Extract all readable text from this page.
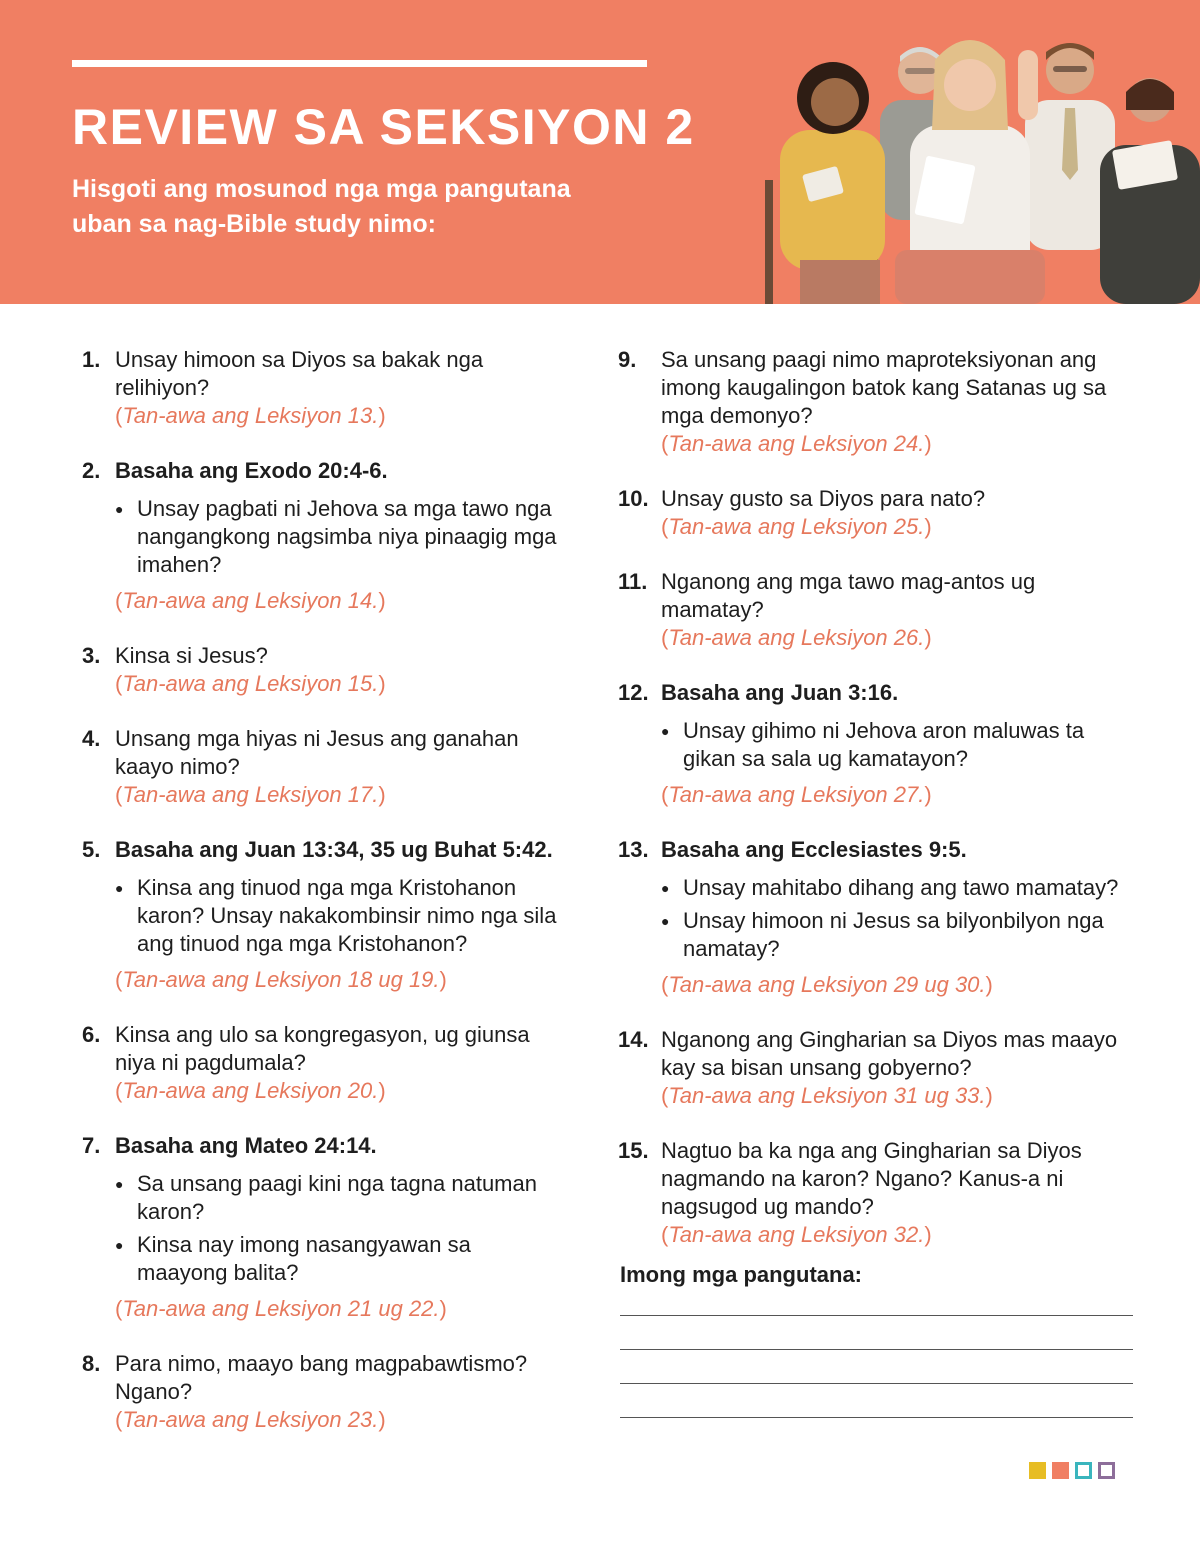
REVIEW SA SEKSIYON 2

Hisgoti ang mosunod nga mga pangutana uban sa nag-Bible study nimo:

1. Unsay himoon sa Diyos sa bakak nga relihiyon?
(Tan-awa ang Leksiyon 13.)
2. Basaha ang Exodo 20:4-6.
● Unsay pagbati ni Jehova sa mga tawo nga nangangkong nagsimba niya pinaagig mga imahen?
(Tan-awa ang Leksiyon 14.)
3. Kinsa si Jesus?
(Tan-awa ang Leksiyon 15.)
4. Unsang mga hiyas ni Jesus ang ganahan kaayo nimo?
(Tan-awa ang Leksiyon 17.)
5. Basaha ang Juan 13:34, 35 ug Buhat 5:42.
● Kinsa ang tinuod nga mga Kristohanon karon? Unsay nakakombinsir nimo nga sila ang tinuod nga mga Kristohanon?
(Tan-awa ang Leksiyon 18 ug 19.)
6. Kinsa ang ulo sa kongregasyon, ug giunsa niya ni pagdumala?
(Tan-awa ang Leksiyon 20.)
7. Basaha ang Mateo 24:14.
● Sa unsang paagi kini nga tagna natuman karon?
● Kinsa nay imong nasangyawan sa maayong balita?
(Tan-awa ang Leksiyon 21 ug 22.)
8. Para nimo, maayo bang magpabawtismo? Ngano?
(Tan-awa ang Leksiyon 23.)
9. Sa unsang paagi nimo maproteksiyonan ang imong kaugalingon batok kang Satanas ug sa mga demonyo?
(Tan-awa ang Leksiyon 24.)
10. Unsay gusto sa Diyos para nato?
(Tan-awa ang Leksiyon 25.)
11. Nganong ang mga tawo mag-antos ug mamatay?
(Tan-awa ang Leksiyon 26.)
12. Basaha ang Juan 3:16.
● Unsay gihimo ni Jehova aron maluwas ta gikan sa sala ug kamatayon?
(Tan-awa ang Leksiyon 27.)
13. Basaha ang Ecclesiastes 9:5.
● Unsay mahitabo dihang ang tawo mamatay?
● Unsay himoon ni Jesus sa bilyonbilyon nga namatay?
(Tan-awa ang Leksiyon 29 ug 30.)
14. Nganong ang Gingharian sa Diyos mas maayo kay sa bisan unsang gobyerno?
(Tan-awa ang Leksiyon 31 ug 33.)
15. Nagtuo ba ka nga ang Gingharian sa Diyos nagmando na karon? Ngano? Kanus-a ni nagsugod ug mando?
(Tan-awa ang Leksiyon 32.)
Imong mga pangutana:
